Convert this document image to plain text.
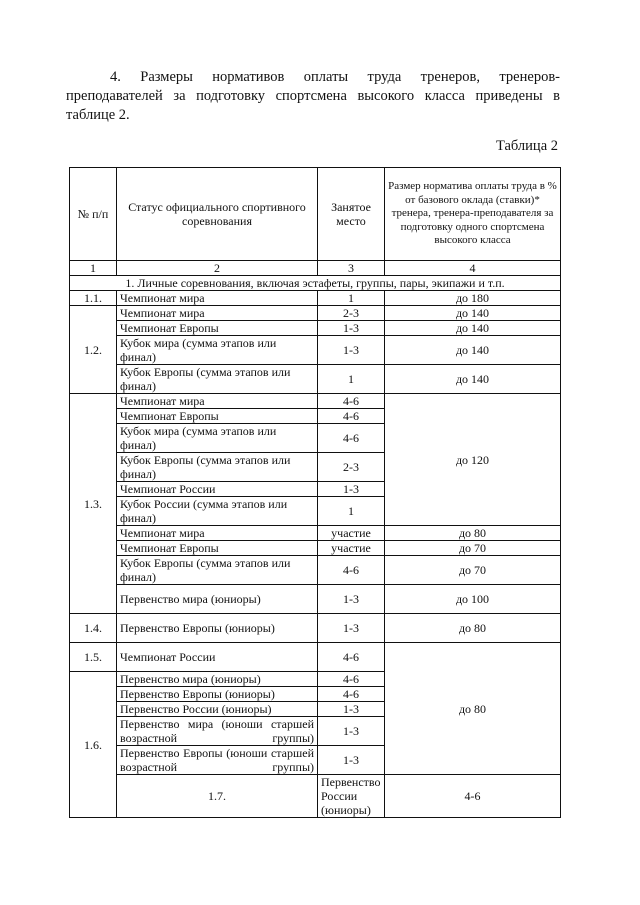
4. Размеры нормативов оплаты труда тренеров, тренеров-преподавателей за подготовку спортсмена высокого класса приведены в таблице 2.
Таблица 2
№ п/п	Статус официального спортивного соревнования	Занятое место	Размер норматива оплаты труда в % от базового оклада (ставки)* тренера, тренера-преподавателя за подготовку одного спортсмена высокого класса	
1	2	3	4	
1. Личные соревнования, включая эстафеты, группы, пары, экипажи и т.п.				
1.1.	Чемпионат мира	1	до 180	
1.2.	Чемпионат мира	2-3	до 140	
	Чемпионат Европы	1-3	до 140	
	Кубок мира (сумма этапов или финал)	1-3	до 140	
	Кубок Европы (сумма этапов или финал)	1	до 140	
1.3.	Чемпионат мира	4-6	до 120	
	Чемпионат Европы	4-6		
	Кубок мира (сумма этапов или финал)	4-6		
	Кубок Европы (сумма этапов или финал)	2-3		
	Чемпионат России	1-3		
	Кубок России (сумма этапов или финал)	1		
	Чемпионат мира	участие	до 80	
	Чемпионат Европы	участие	до 70	
	Кубок Европы (сумма этапов или финал)	4-6	до 70	
	Первенство мира (юниоры)	1-3	до 100	
1.4.	Первенство Европы (юниоры)	1-3	до 80	
1.5.	Чемпионат России	4-6	до 80	
1.6.	Первенство мира (юниоры)	4-6		
	Первенство Европы (юниоры)	4-6		
	Первенство России (юниоры)	1-3		
	Первенство мира (юноши старшей возрастной группы)	1-3		
	Первенство Европы (юноши старшей возрастной группы)	1-3	
	1.7.	Первенство России (юниоры)	4-6	
